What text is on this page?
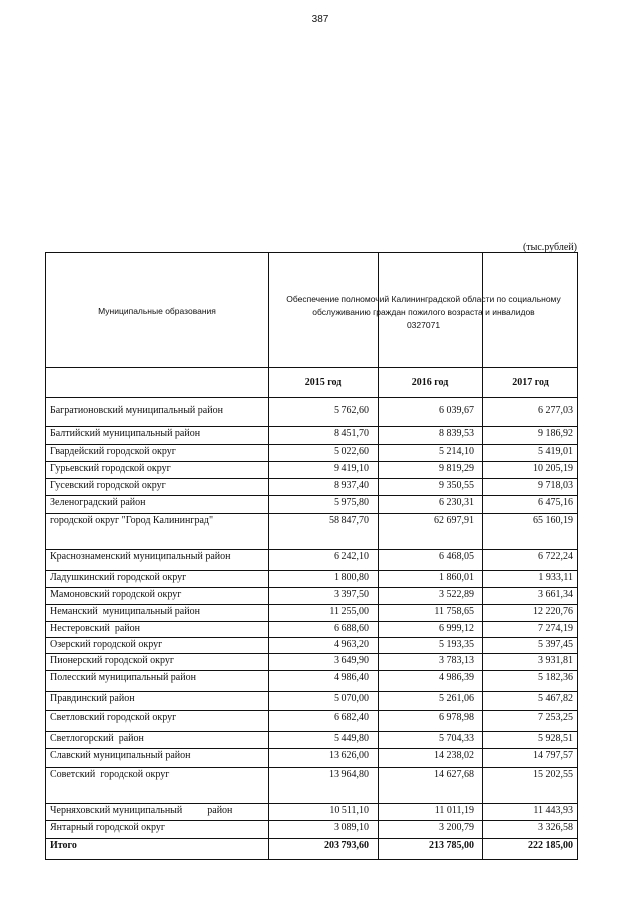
387
(тыс.рублей)
Муниципальные образования
Обеспечение полномочий Калининградской области по социальному
обслуживанию граждан пожилого возраста и инвалидов
0327071
2015 год	2016 год	2017 год
Багратионовский муниципальный район	5 762,60	6 039,67	6 277,03
Балтийский муниципальный район	8 451,70	8 839,53	9 186,92
Гвардейский городской округ	5 022,60	5 214,10	5 419,01
Гурьевский городской округ	9 419,10	9 819,29	10 205,19
Гусевский городской округ	8 937,40	9 350,55	9 718,03
Зеленоградский район	5 975,80	6 230,31	6 475,16
городской округ "Город Калининград"	58 847,70	62 697,91	65 160,19
Краснознаменский муниципальный район	6 242,10	6 468,05	6 722,24
Ладушкинский городской округ	1 800,80	1 860,01	1 933,11
Мамоновский городской округ	3 397,50	3 522,89	3 661,34
Неманский  муниципальный район	11 255,00	11 758,65	12 220,76
Нестеровский  район	6 688,60	6 999,12	7 274,19
Озерский городской округ	4 963,20	5 193,35	5 397,45
Пионерский городской округ	3 649,90	3 783,13	3 931,81
Полесский муниципальный район	4 986,40	4 986,39	5 182,36
Правдинский район	5 070,00	5 261,06	5 467,82
Светловский городской округ	6 682,40	6 978,98	7 253,25
Светлогорский  район	5 449,80	5 704,33	5 928,51
Славский муниципальный район	13 626,00	14 238,02	14 797,57
Советский  городской округ	13 964,80	14 627,68	15 202,55
Черняховский муниципальный          район	10 511,10	11 011,19	11 443,93
Янтарный городской округ	3 089,10	3 200,79	3 326,58
Итого	203 793,60	213 785,00	222 185,00
